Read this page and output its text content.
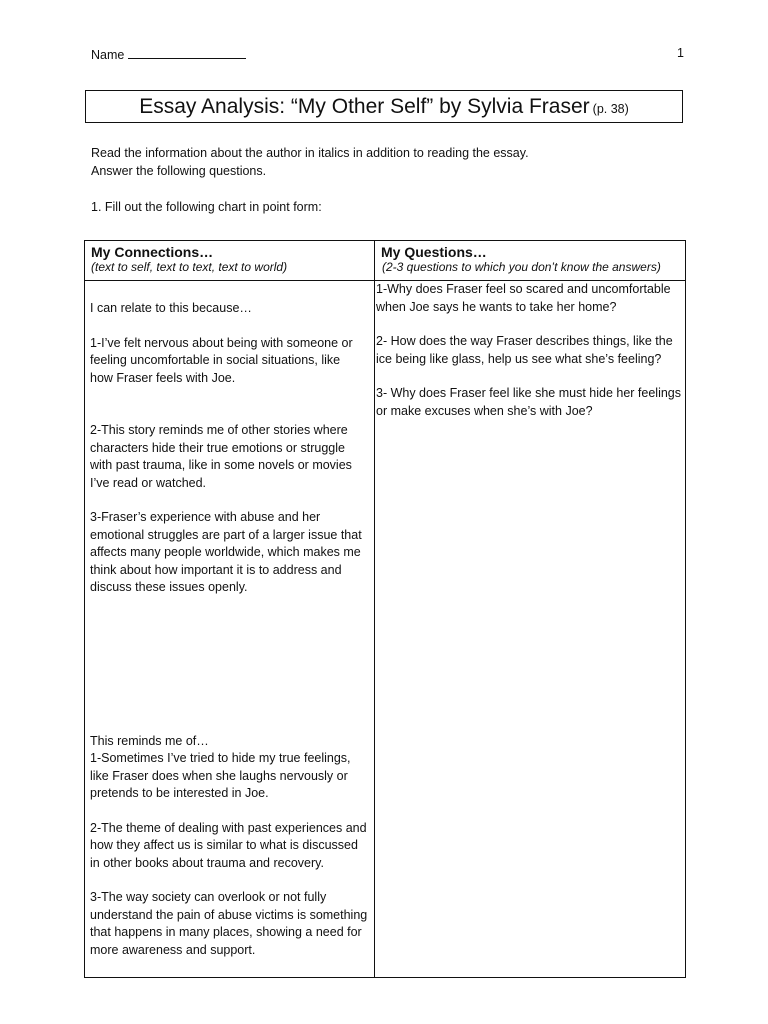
Name	1
Essay Analysis: “My Other Self” by Sylvia Fraser (p. 38)
Read the information about the author in italics in addition to reading the essay.
Answer the following questions.
1. Fill out the following chart in point form:
My Connections…
(text to self, text to text, text to world)
My Questions…
(2-3 questions to which you don’t know the answers)

I can relate to this because…

1-I’ve felt nervous about being with someone or

feeling uncomfortable in social situations, like

how Fraser feels with Joe.

2-This story reminds me of other stories where

characters hide their true emotions or struggle

with past trauma, like in some novels or movies

I’ve read or watched.

3-Fraser’s experience with abuse and her

emotional struggles are part of a larger issue that

affects many people worldwide, which makes me

think about how important it is to address and

discuss these issues openly.

This reminds me of…

1-Sometimes I’ve tried to hide my true feelings,

like Fraser does when she laughs nervously or

pretends to be interested in Joe.

2-The theme of dealing with past experiences and

how they affect us is similar to what is discussed

in other books about trauma and recovery.

3-The way society can overlook or not fully

understand the pain of abuse victims is something

that happens in many places, showing a need for

more awareness and support.

1-Why does Fraser feel so scared and uncomfortable

when Joe says he wants to take her home?

2- How does the way Fraser describes things, like the

ice being like glass, help us see what she’s feeling?

3- Why does Fraser feel like she must hide her feelings

or make excuses when she’s with Joe?
